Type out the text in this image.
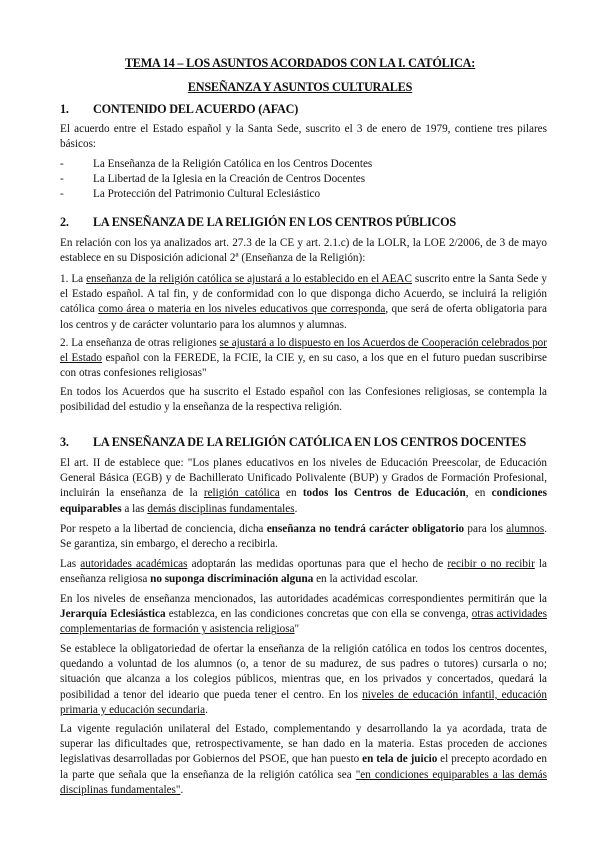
TEMA 14 – LOS ASUNTOS ACORDADOS CON LA I. CATÓLICA:
ENSEÑANZA Y ASUNTOS CULTURALES
1. CONTENIDO DEL ACUERDO (AFAC)

El acuerdo entre el Estado español y la Santa Sede, suscrito el 3 de enero de 1979, contiene tres pilares básicos:

-	La Enseñanza de la Religión Católica en los Centros Docentes
-	La Libertad de la Iglesia en la Creación de Centros Docentes
-	La Protección del Patrimonio Cultural Eclesiástico
2. LA ENSEÑANZA DE LA RELIGIÓN EN LOS CENTROS PÚBLICOS

En relación con los ya analizados art. 27.3 de la CE y art. 2.1.c) de la LOLR, la LOE 2/2006, de 3 de mayo establece en su Disposición adicional 2ª (Enseñanza de la Religión):

1. La enseñanza de la religión católica se ajustará a lo establecido en el AEAC suscrito entre la Santa Sede y el Estado español. A tal fin, y de conformidad con lo que disponga dicho Acuerdo, se incluirá la religión católica como área o materia en los niveles educativos que corresponda, que será de oferta obligatoria para los centros y de carácter voluntario para los alumnos y alumnas.

2. La enseñanza de otras religiones se ajustará a lo dispuesto en los Acuerdos de Cooperación celebrados por el Estado español con la FEREDE, la FCIE, la CIE y, en su caso, a los que en el futuro puedan suscribirse con otras confesiones religiosas"

En todos los Acuerdos que ha suscrito el Estado español con las Confesiones religiosas, se contempla la posibilidad del estudio y la enseñanza de la respectiva religión.

3. LA ENSEÑANZA DE LA RELIGIÓN CATÓLICA EN LOS CENTROS DOCENTES

El art. II de establece que: "Los planes educativos en los niveles de Educación Preescolar, de Educación General Básica (EGB) y de Bachillerato Unificado Polivalente (BUP) y Grados de Formación Profesional, incluirán la enseñanza de la religión católica en todos los Centros de Educación, en condiciones equiparables a las demás disciplinas fundamentales.

Por respeto a la libertad de conciencia, dicha enseñanza no tendrá carácter obligatorio para los alumnos. Se garantiza, sin embargo, el derecho a recibirla.

Las autoridades académicas adoptarán las medidas oportunas para que el hecho de recibir o no recibir la enseñanza religiosa no suponga discriminación alguna en la actividad escolar.

En los niveles de enseñanza mencionados, las autoridades académicas correspondientes permitirán que la Jerarquía Eclesiástica establezca, en las condiciones concretas que con ella se convenga, otras actividades complementarias de formación y asistencia religiosa"

Se establece la obligatoriedad de ofertar la enseñanza de la religión católica en todos los centros docentes, quedando a voluntad de los alumnos (o, a tenor de su madurez, de sus padres o tutores) cursarla o no; situación que alcanza a los colegios públicos, mientras que, en los privados y concertados, quedará la posibilidad a tenor del ideario que pueda tener el centro. En los niveles de educación infantil, educación primaria y educación secundaria.

La vigente regulación unilateral del Estado, complementando y desarrollando la ya acordada, trata de superar las dificultades que, retrospectivamente, se han dado en la materia. Estas proceden de acciones legislativas desarrolladas por Gobiernos del PSOE, que han puesto en tela de juicio el precepto acordado en la parte que señala que la enseñanza de la religión católica sea "en condiciones equiparables a las demás disciplinas fundamentales".
